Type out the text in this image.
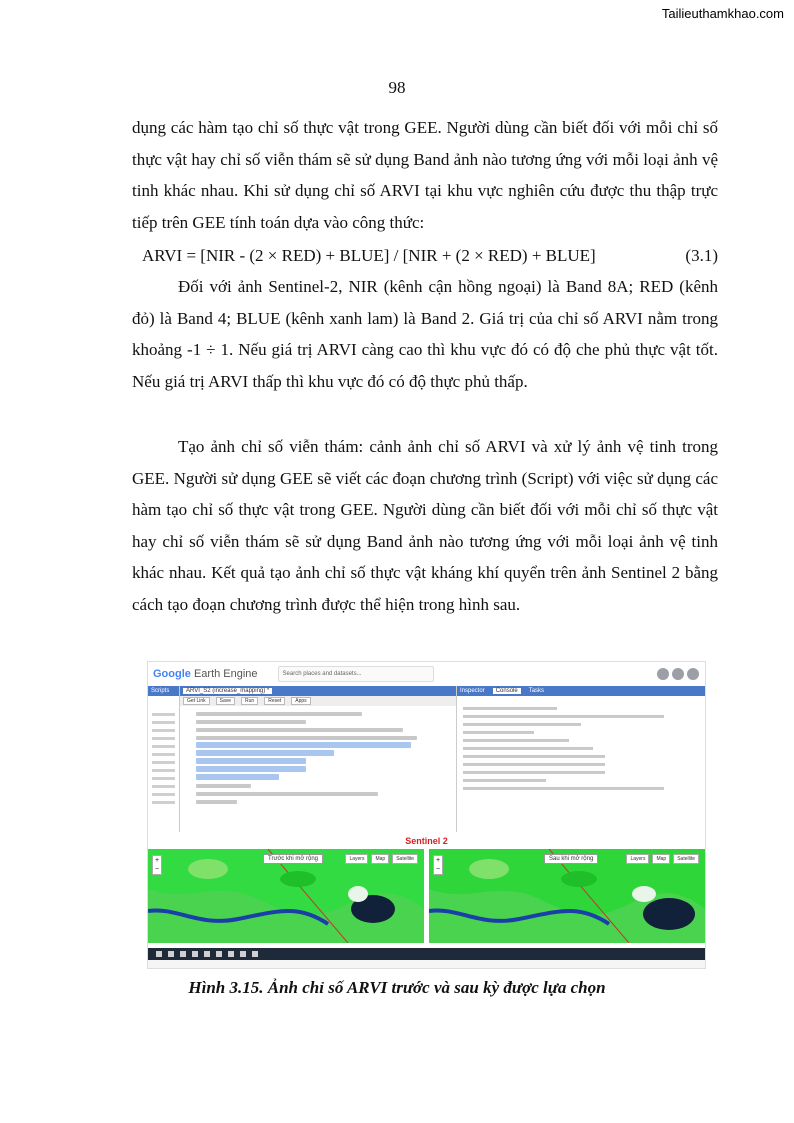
Tailieuthamkhao.com
98

dụng các hàm tạo chỉ số thực vật trong GEE. Người dùng cần biết đối với mỗi chỉ số thực vật hay chỉ số viễn thám sẽ sử dụng Band ảnh nào tương ứng với mỗi loại ảnh vệ tinh khác nhau. Khi sử dụng chỉ số ARVI tại khu vực nghiên cứu được thu thập trực tiếp trên GEE tính toán dựa vào công thức:

ARVI = [NIR - (2 × RED) + BLUE] / [NIR + (2 × RED) + BLUE]	(3.1)

Đối với ảnh Sentinel-2, NIR (kênh cận hồng ngoại) là Band 8A; RED (kênh đỏ) là Band 4; BLUE (kênh xanh lam) là Band 2. Giá trị của chỉ số ARVI nằm trong khoảng -1 ÷ 1. Nếu giá trị ARVI càng cao thì khu vực đó có độ che phủ thực vật tốt. Nếu giá trị ARVI thấp thì khu vực đó có độ thực phủ thấp.

Tạo ảnh chỉ số viễn thám: cảnh ảnh chỉ số ARVI và xử lý ảnh vệ tinh trong GEE. Người sử dụng GEE sẽ viết các đoạn chương trình (Script) với việc sử dụng các hàm tạo chỉ số thực vật trong GEE. Người dùng cần biết đối với mỗi chỉ số thực vật hay chỉ số viễn thám sẽ sử dụng Band ảnh nào tương ứng với mỗi loại ảnh vệ tinh khác nhau. Kết quả tạo ảnh chỉ số thực vật kháng khí quyển trên ảnh Sentinel 2 bằng cách tạo đoạn chương trình được thể hiện trong hình sau.

Google Earth Engine	Search places and datasets...
Scripts	ARVI_S2 (increase_mapping) *
Get Link	Save	Run	Reset	Apps
Inspector	Console	Tasks
Sentinel 2
+
−
Trước khi mở rộng	Layers	Map	Satellite	+
−
Sau khi mở rộng	Layers	Map	Satellite
Hình 3.15. Ảnh chỉ số ARVI trước và sau kỳ được lựa chọn
